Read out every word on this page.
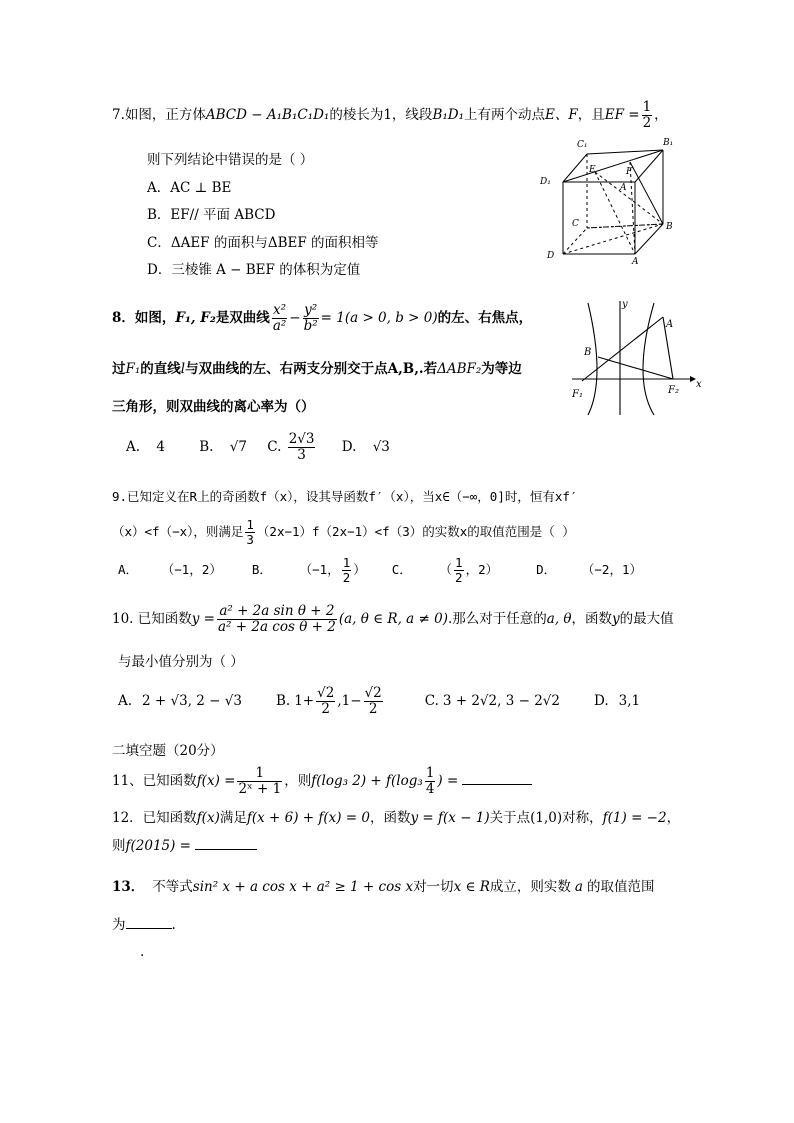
7.如图，正方体ABCD − A₁B₁C₁D₁的棱长为1，线段B₁D₁上有两个动点E、F，且EF = $\frac{1}{2}$ ，
则下列结论中错误的是（ ）
A．AC ⊥ BE
B．EF// 平面 ABCD
C．ΔAEF 的面积与ΔBEF 的面积相等
D．三棱锥 A − BEF 的体积为定值
C₁	B₁
D₁
E	F
A
C	B
D
A
8．如图，F₁, F₂是双曲线 $\frac{\text{x²}}{\text{a²}} - \frac{\text{y²}}{\text{b²}} = 1(a > 0$, b > 0)的左、右焦点，
过F₁的直线l与双曲线的左、右两支分别交于点A,B,.若ΔABF₂为等边
三角形，则双曲线的离心率为（）
A. 4	B. √7 C. $\frac{2√3}{3} D$. √3
y
A
B
F₁	F₂
x
9.已知定义在R上的奇函数f（x），设其导函数f′（x），当x∈（−∞，0]时，恒有xf′
（x）<f（−x），则满足 $\frac{1}{3} (2x-1)f(2x-1)<f(3)$的实数x的取值范围是（ ）
A． （−1，2） B．	（−1， $\frac{1}{2}$ ） C．	（ $\frac{1}{2}$ ，2）	D．	（−2，1）
10. 已知函数$y = \frac{\text{a² + 2a sin θ + 2}}{\text{a² + 2a cos θ + 2}} (a$, θ ∈ R, a ≠ 0).那么对于任意的a, θ，函数y的最大值
与最小值分别为（ ）
A. 2 + √3, 2 − √3	B. $1+ \frac{√2}{2} ,1- \frac{√2}{2}$	C. 3 + 2√2, 3 − 2√2	D. 3,1
二填空题（20分）
11、已知函数$f(x) = \frac{1}{\text{2ˣ + 1}}$ ，则f(log₃ $2) + f(\log_3 \frac{1}{4}$ ) =
12．已知函数f(x)满足f(x + 6) + f(x) = 0，函数y = f(x − 1)关于点(1,0)对称，f(1) = −2，
则f(2015) =
13． 不等式sin² x + a cos x + a² ≥ 1 + cos x对一切x ∈ R成立，则实数 a 的取值范围
为	.
.
